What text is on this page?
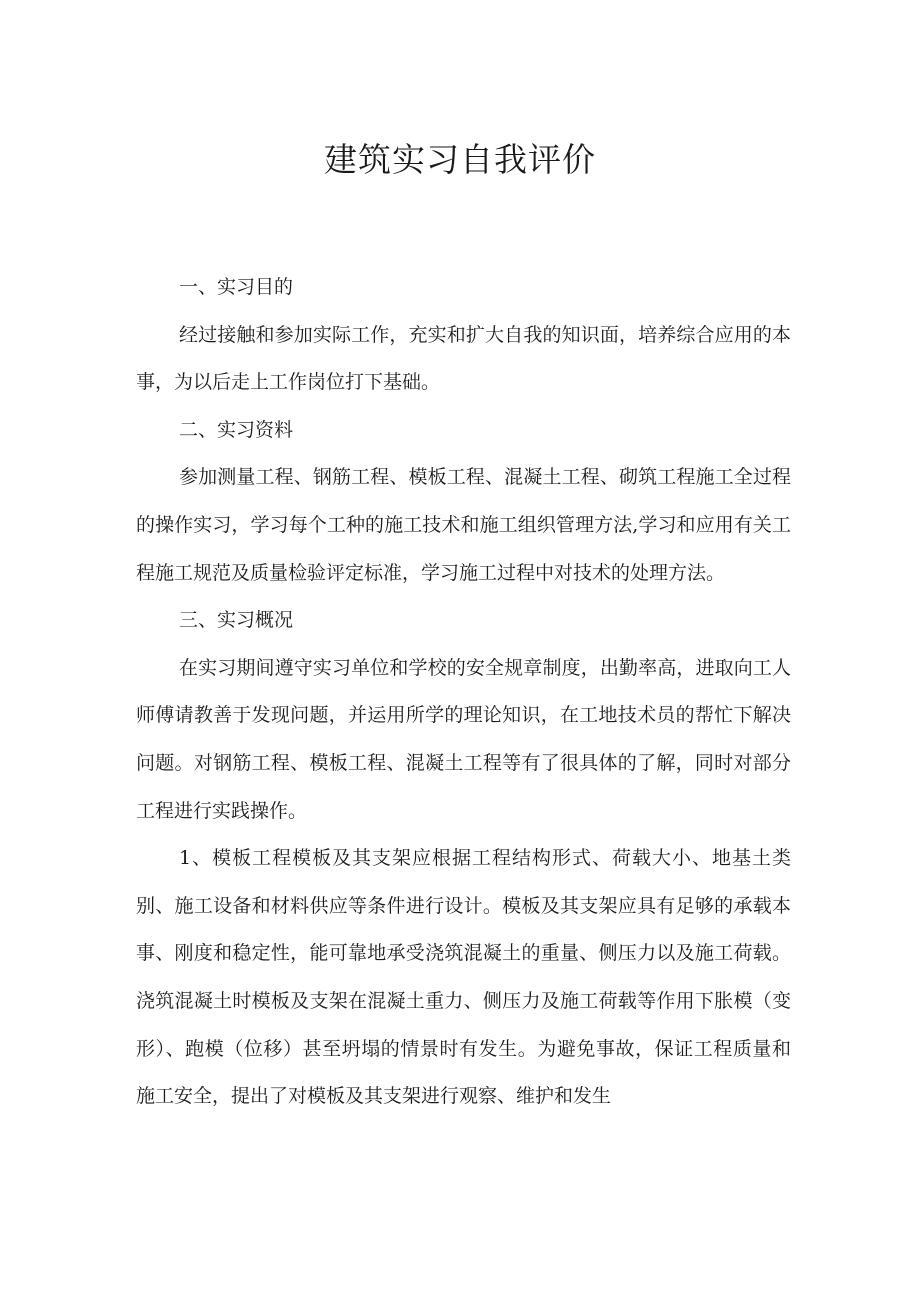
建筑实习自我评价
一、实习目的

经过接触和参加实际工作，充实和扩大自我的知识面，培养综合应用的本事，为以后走上工作岗位打下基础。

二、实习资料

参加测量工程、钢筋工程、模板工程、混凝土工程、砌筑工程施工全过程的操作实习，学习每个工种的施工技术和施工组织管理方法,学习和应用有关工程施工规范及质量检验评定标准，学习施工过程中对技术的处理方法。

三、实习概况

在实习期间遵守实习单位和学校的安全规章制度，出勤率高，进取向工人师傅请教善于发现问题，并运用所学的理论知识，在工地技术员的帮忙下解决问题。对钢筋工程、模板工程、混凝土工程等有了很具体的了解，同时对部分工程进行实践操作。

1、模板工程模板及其支架应根据工程结构形式、荷载大小、地基土类别、施工设备和材料供应等条件进行设计。模板及其支架应具有足够的承载本事、刚度和稳定性，能可靠地承受浇筑混凝土的重量、侧压力以及施工荷载。浇筑混凝土时模板及支架在混凝土重力、侧压力及施工荷载等作用下胀模（变形）、跑模（位移）甚至坍塌的情景时有发生。为避免事故，保证工程质量和施工安全，提出了对模板及其支架进行观察、维护和发生
